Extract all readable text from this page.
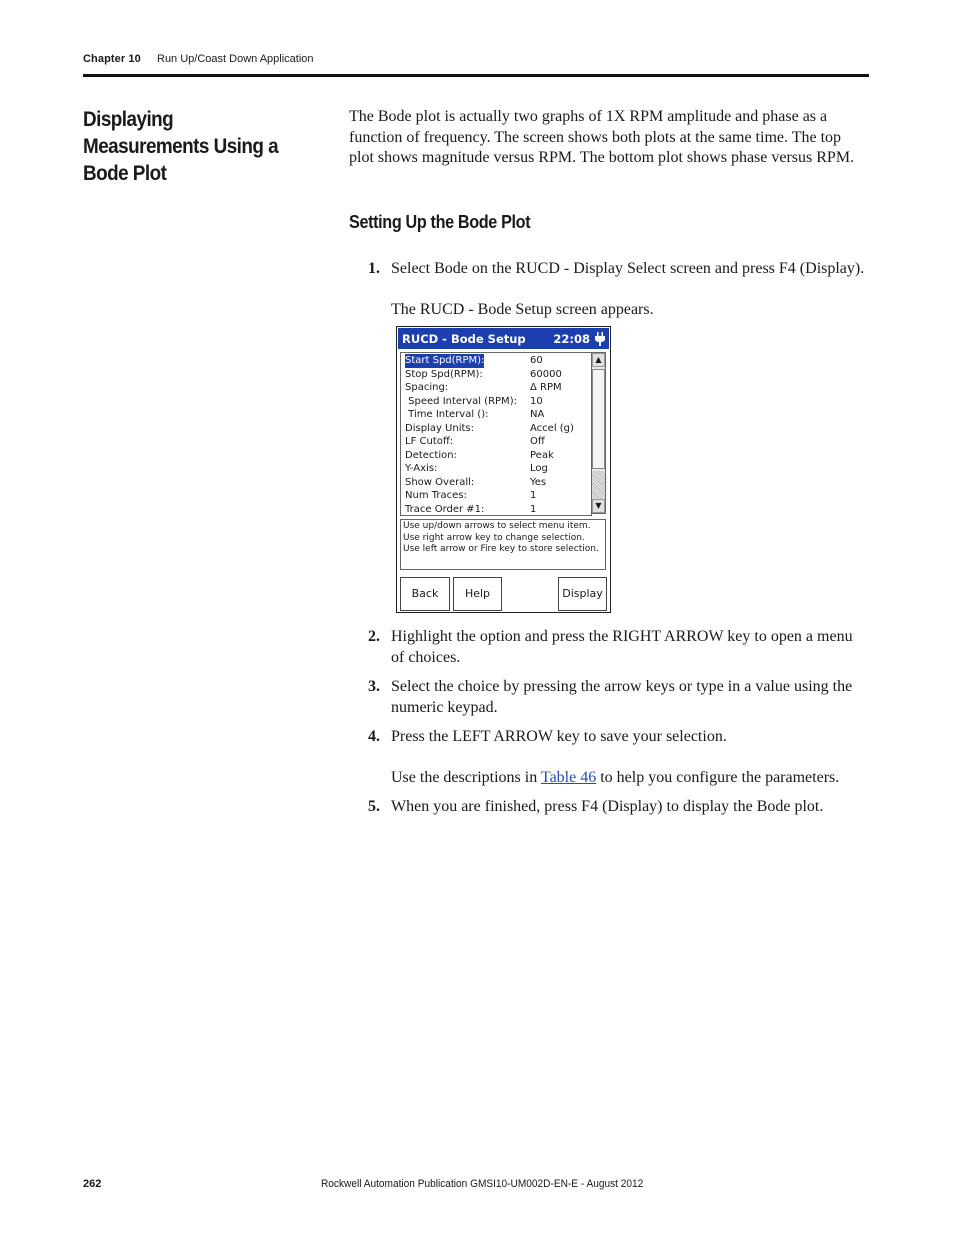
Chapter 10 Run Up/Coast Down Application
Displaying Measurements Using a Bode Plot
The Bode plot is actually two graphs of 1X RPM amplitude and phase as a function of frequency. The screen shows both plots at the same time. The top plot shows magnitude versus RPM. The bottom plot shows phase versus RPM.
Setting Up the Bode Plot
1. Select Bode on the RUCD - Display Select screen and press F4 (Display).
The RUCD - Bode Setup screen appears.
RUCD - Bode Setup 22:08
Start Spd(RPM):	60
Stop Spd(RPM):	60000
Spacing:	Δ RPM
Speed Interval (RPM): 10
Time Interval ():	NA
Display Units:	Accel (g)
LF Cutoff:	Off
Detection:	Peak
Y-Axis:	Log
Show Overall:	Yes
Num Traces:	1
Trace Order #1:	1
▲
▼
Use up/down arrows to select menu item.
Use right arrow key to change selection.
Use left arrow or Fire key to store selection.
Back	Help	Display
2. Highlight the option and press the RIGHT ARROW key to open a menu of choices.
3. Select the choice by pressing the arrow keys or type in a value using the numeric keypad.
4. Press the LEFT ARROW key to save your selection.
Use the descriptions in Table 46 to help you configure the parameters.
5. When you are finished, press F4 (Display) to display the Bode plot.
262	Rockwell Automation Publication GMSI10-UM002D-EN-E - August 2012
